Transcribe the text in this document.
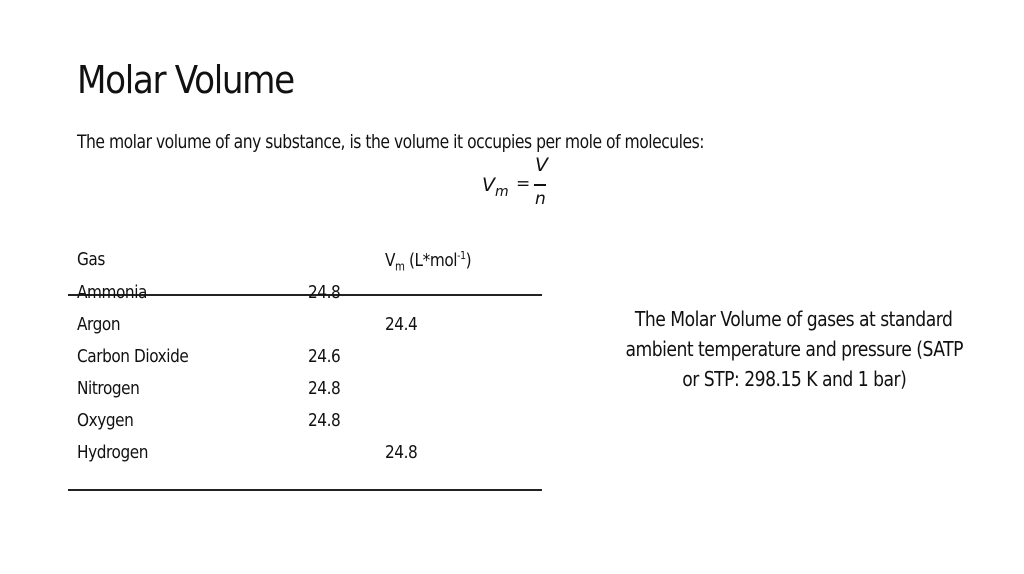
Molar Volume
The molar volume of any substance, is the volume it occupies per mole of molecules:
$V_m$ =
V
n
Gas	$V_m$ (L*mol$^{-1}$)
Ammonia	24.8
Argon	24.4
Carbon Dioxide	24.6
Nitrogen	24.8
Oxygen	24.8
Hydrogen	24.8
The Molar Volume of gases at standard
ambient temperature and pressure (SATP
or STP: 298.15 K and 1 bar)
